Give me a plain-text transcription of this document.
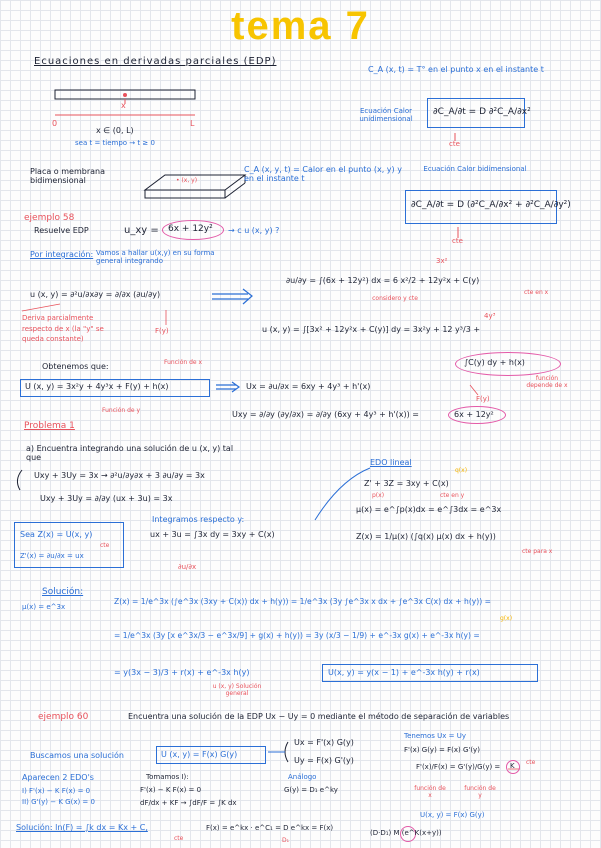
tema 7
Ecuaciones en derivadas parciales (EDP)
x
0	L
x ∈ (0, L)
sea t = tiempo → t ≥ 0
C_A (x, t) = T° en el punto x en el instante t
Ecuación Calor unidimensional
∂C_A/∂t = D ∂²C_A/∂x²
cte
Placa o membrana bidimensional	• (x, y)
C_A (x, y, t) = Calor en el punto (x, y) y en el instante t
Ecuación Calor bidimensional
∂C_A/∂t = D (∂²C_A/∂x² + ∂²C_A/∂y²)
cte
ejemplo 58
Resuelve EDP	u_xy = 6x + 12y² → c u (x, y) ?
Por integración: Vamos a hallar u(x,y) en su forma general integrando
u (x, y) = ∂²u/∂x∂y = ∂/∂x (∂u/∂y)
Deriva parcialmente respecto de x (la "y" se queda constante)
F(y)
3x²
∂u/∂y = ∫(6x + 12y²) dx = 6 x²/2 + 12y²x + C(y)
considero y cte
cte en x
4y³
u (x, y) = ∫[3x² + 12y²x + C(y)] dy = 3x²y + 12 y³/3 +
∫C(y) dy + h(x)
función depende de x
F(y)
Obtenemos que:	Función de x
U (x, y) = 3x²y + 4y³x + F(y) + h(x)
Función de y
Ux = ∂u/∂x = 6xy + 4y³ + h'(x)
Uxy = ∂/∂y (∂y/∂x) = ∂/∂y (6xy + 4y³ + h'(x)) =	6x + 12y²
Problema 1
a) Encuentra integrando una solución de u (x, y) tal que
Uxy + 3Uy = 3x → ∂²u/∂y∂x + 3 ∂u/∂y = 3x
Uxy + 3Uy = ∂/∂y (ux + 3u) = 3x
Integramos respecto y:
ux + 3u = ∫3x dy = 3xy + C(x)
∂u/∂x
Sea Z(x) = U(x, y)
cte
Z'(x) = ∂u/∂x = ux
EDO lineal
q(x)
Z' + 3Z = 3xy + C(x)
p(x)	cte en y
μ(x) = e^∫p(x)dx = e^∫3dx = e^3x
Z(x) = 1/μ(x) (∫q(x) μ(x) dx + h(y))
cte para x
Solución:
μ(x) = e^3x
Z(x) = 1/e^3x (∫e^3x (3xy + C(x)) dx + h(y)) = 1/e^3x (3y ∫e^3x x dx + ∫e^3x C(x) dx + h(y)) =
g(x)
= 1/e^3x (3y [x e^3x/3 − e^3x/9] + g(x) + h(y)) = 3y (x/3 − 1/9) + e^-3x g(x) + e^-3x h(y) =
= y(3x − 3)/3 + r(x) + e^-3x h(y)	U(x, y) = y(x − 1) + e^-3x h(y) + r(x)
u (x, y) Solución general
ejemplo 60	Encuentra una solución de la EDP Ux − Uy = 0 mediante el método de separación de variables
Buscamos una solución	U (x, y) = F(x) G(y)
Ux = F'(x) G(y)
Uy = F(x) G'(y)
Tenemos Ux = Uy
F'(x) G(y) = F(x) G'(y)
F'(x)/F(x) = G'(y)/G(y) = K cte
función de x
función de y
Aparecen 2 EDO's
I) F'(x) − K F(x) = 0
II) G'(y) − K G(x) = 0
Tomamos I):
F'(x) − K F(x) = 0
dF/dx + KF → ∫dF/F = ∫K dx
Análogo
G(y) = D₁ e^ky
Solución: ln(F) = ∫k dx = Kx + C,
cte
F(x) = e^kx · e^C₁ = D e^kx = F(x)
D₁
U(x, y) = F(x) G(y)
(D·D₁) M (e^K(x+y))
